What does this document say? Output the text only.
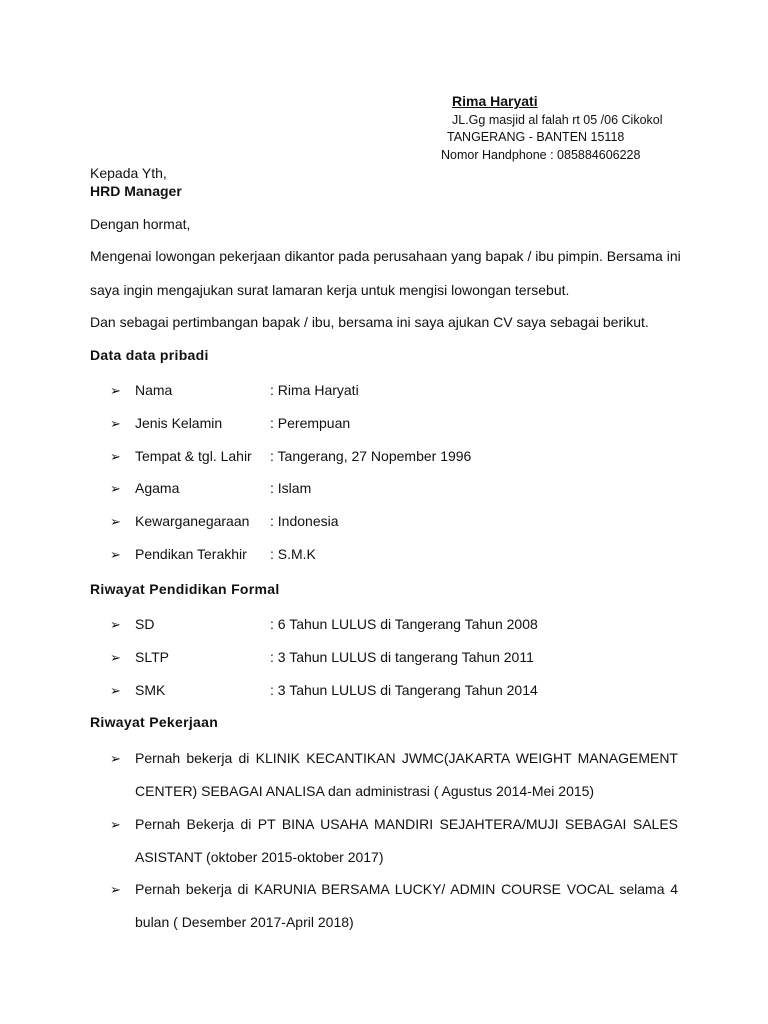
Rima Haryati
JL.Gg masjid al falah rt 05 /06 Cikokol
TANGERANG - BANTEN 15118
Nomor Handphone : 085884606228
Kepada Yth,
HRD Manager
Dengan hormat,
Mengenai lowongan pekerjaan dikantor pada perusahaan yang bapak / ibu pimpin. Bersama ini
saya ingin mengajukan surat lamaran kerja untuk mengisi lowongan tersebut.
Dan sebagai pertimbangan bapak / ibu, bersama ini saya ajukan CV saya sebagai berikut.
Data data pribadi
➢ Nama	: Rima Haryati
➢ Jenis Kelamin	: Perempuan
➢ Tempat & tgl. Lahir : Tangerang, 27 Nopember 1996
➢ Agama	: Islam
➢ Kewarganegaraan : Indonesia
➢ Pendikan Terakhir : S.M.K
Riwayat Pendidikan Formal
➢ SD	: 6 Tahun LULUS di Tangerang Tahun 2008
➢ SLTP	: 3 Tahun LULUS di tangerang Tahun 2011
➢ SMK	: 3 Tahun LULUS di Tangerang Tahun 2014
Riwayat Pekerjaan
➢ Pernah bekerja di KLINIK KECANTIKAN JWMC(JAKARTA WEIGHT MANAGEMENT
CENTER) SEBAGAI ANALISA dan administrasi ( Agustus 2014-Mei 2015)
➢ Pernah Bekerja di PT BINA USAHA MANDIRI SEJAHTERA/MUJI SEBAGAI SALES
ASISTANT (oktober 2015-oktober 2017)
➢ Pernah bekerja di KARUNIA BERSAMA LUCKY/ ADMIN COURSE VOCAL selama 4
bulan ( Desember 2017-April 2018)
